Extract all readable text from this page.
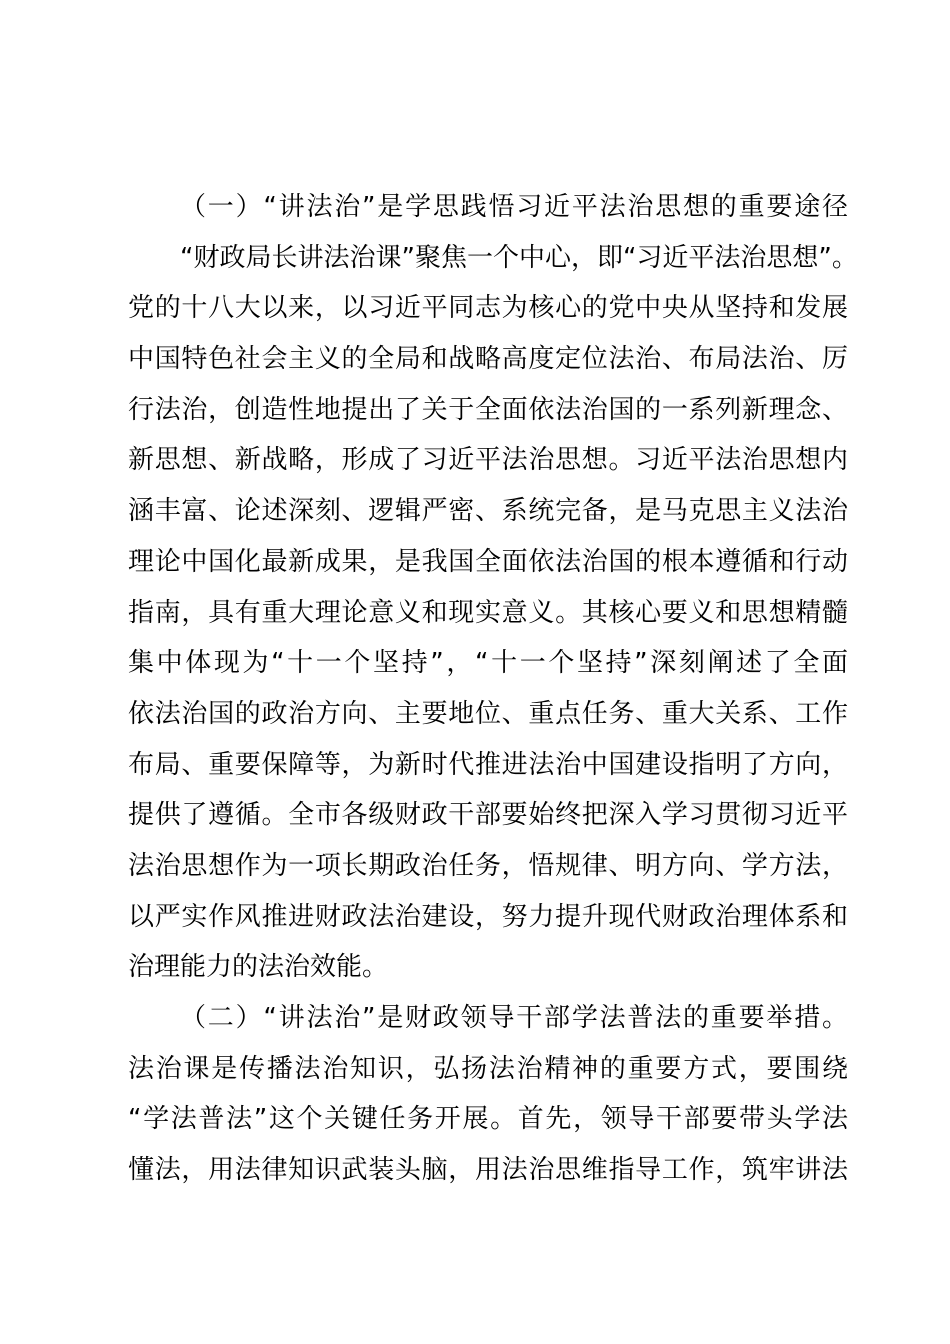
（一）“讲法治”是学思践悟习近平法治思想的重要途径
“财政局长讲法治课”聚焦一个中心，即“习近平法治思想”。
党的十八大以来，以习近平同志为核心的党中央从坚持和发展
中国特色社会主义的全局和战略高度定位法治、布局法治、厉
行法治，创造性地提出了关于全面依法治国的一系列新理念、
新思想、新战略，形成了习近平法治思想。习近平法治思想内
涵丰富、论述深刻、逻辑严密、系统完备，是马克思主义法治
理论中国化最新成果，是我国全面依法治国的根本遵循和行动
指南，具有重大理论意义和现实意义。其核心要义和思想精髓
集中体现为“十一个坚持”，“十一个坚持”深刻阐述了全面
依法治国的政治方向、主要地位、重点任务、重大关系、工作
布局、重要保障等，为新时代推进法治中国建设指明了方向，
提供了遵循。全市各级财政干部要始终把深入学习贯彻习近平
法治思想作为一项长期政治任务，悟规律、明方向、学方法，
以严实作风推进财政法治建设，努力提升现代财政治理体系和
治理能力的法治效能。
（二）“讲法治”是财政领导干部学法普法的重要举措。
法治课是传播法治知识，弘扬法治精神的重要方式，要围绕
“学法普法”这个关键任务开展。首先，领导干部要带头学法
懂法，用法律知识武装头脑，用法治思维指导工作，筑牢讲法
